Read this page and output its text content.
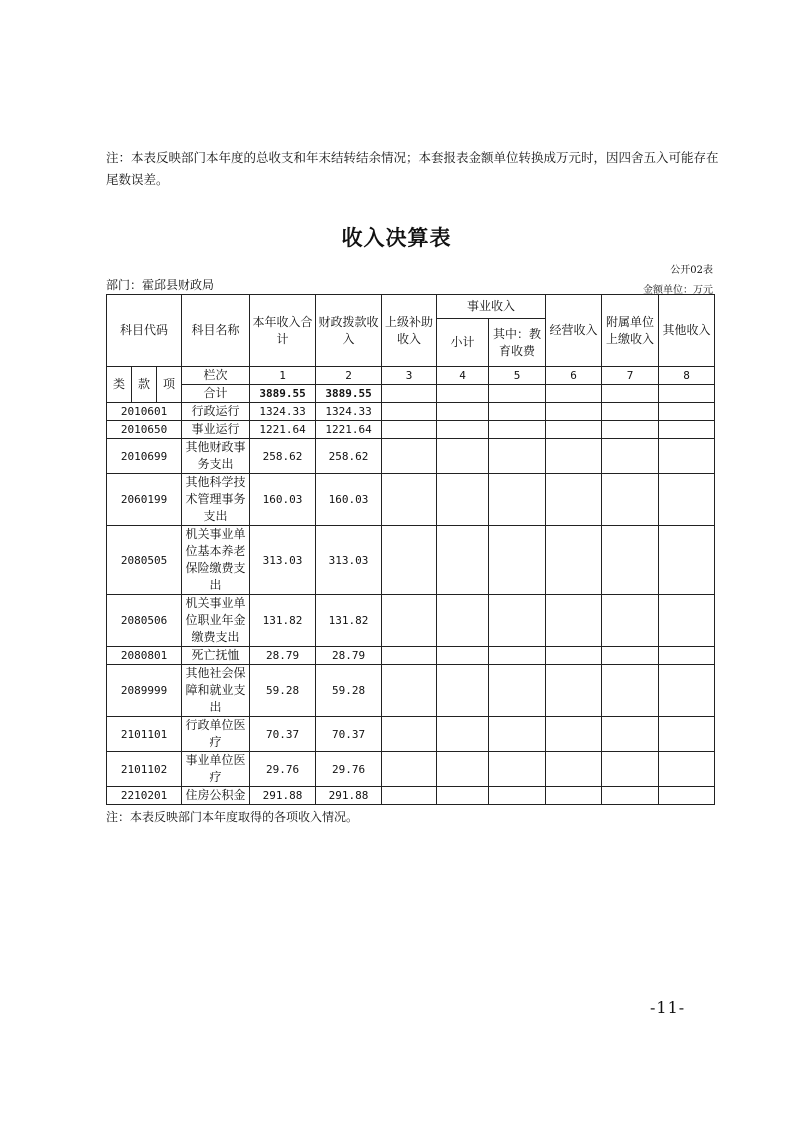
注：本表反映部门本年度的总收支和年末结转结余情况；本套报表金额单位转换成万元时，因四舍五入可能存在尾数误差。
收入决算表
公开02表
部门：霍邱县财政局	金额单位：万元
科目代码			科目名称	本年收入合计	财政拨款收入	上级补助收入	事业收入		经营收入	附属单位上缴收入	其他收入
							小计	其中：教育收费			
类	款	项	栏次	1	2	3	4	5	6	7	8
			合计	3889.55	3889.55						
2010601			行政运行	1324.33	1324.33						
2010650			事业运行	1221.64	1221.64						
2010699			其他财政事务支出	258.62	258.62						
2060199			其他科学技术管理事务支出	160.03	160.03						
2080505			机关事业单位基本养老保险缴费支出	313.03	313.03						
2080506			机关事业单位职业年金缴费支出	131.82	131.82						
2080801			死亡抚恤	28.79	28.79						
2089999			其他社会保障和就业支出	59.28	59.28						
2101101			行政单位医疗	70.37	70.37						
2101102			事业单位医疗	29.76	29.76						
2210201			住房公积金	291.88	291.88						
注：本表反映部门本年度取得的各项收入情况。
-11-
